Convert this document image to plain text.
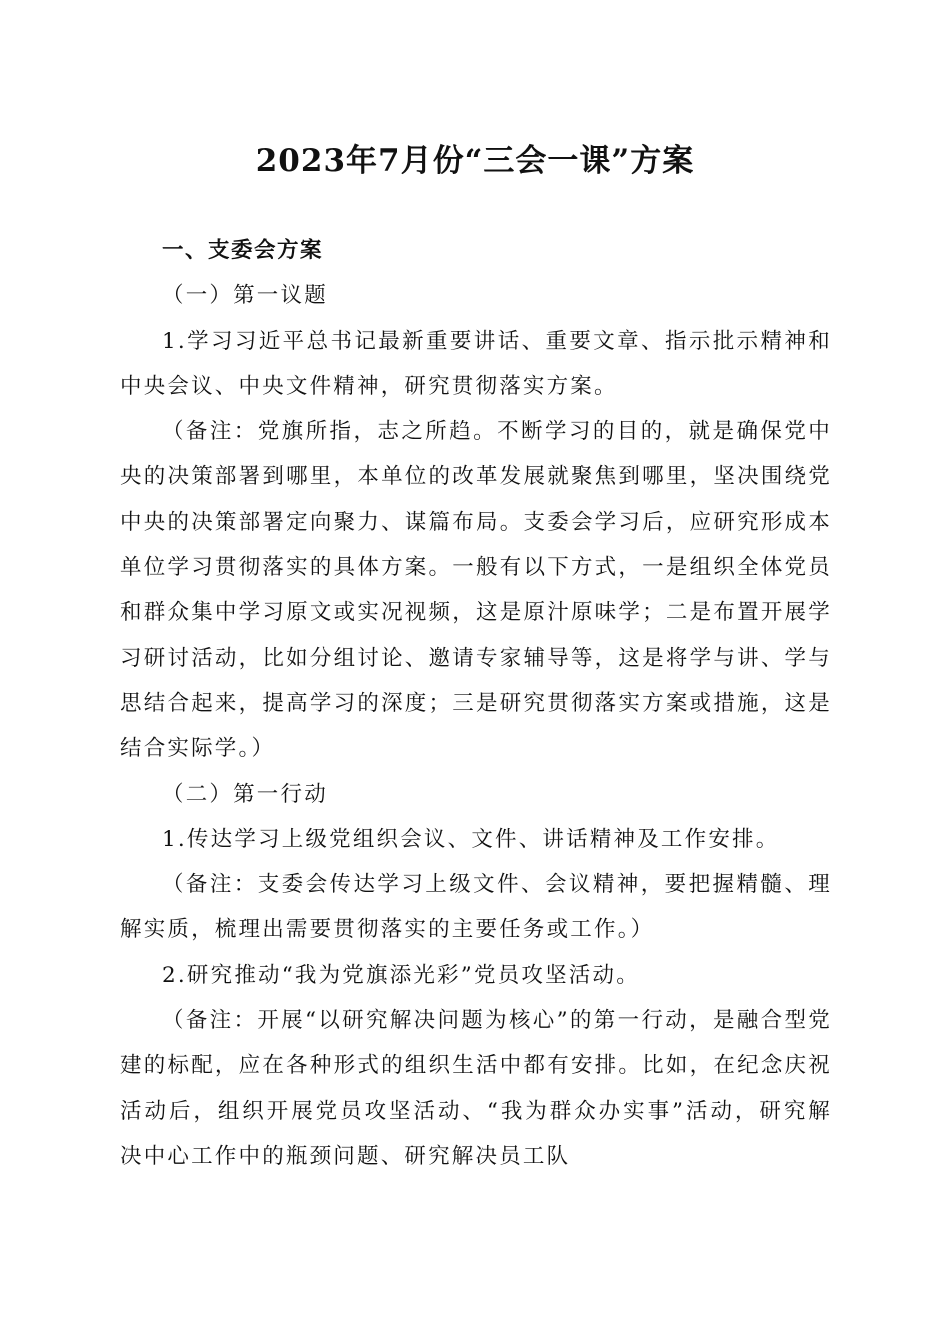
2023年7月份“三会一课”方案

一、支委会方案

（一）第一议题

1.学习习近平总书记最新重要讲话、重要文章、指示批示精神和中央会议、中央文件精神，研究贯彻落实方案。

（备注：党旗所指，志之所趋。不断学习的目的，就是确保党中央的决策部署到哪里，本单位的改革发展就聚焦到哪里，坚决围绕党中央的决策部署定向聚力、谋篇布局。支委会学习后，应研究形成本单位学习贯彻落实的具体方案。一般有以下方式，一是组织全体党员和群众集中学习原文或实况视频，这是原汁原味学；二是布置开展学习研讨活动，比如分组讨论、邀请专家辅导等，这是将学与讲、学与思结合起来，提高学习的深度；三是研究贯彻落实方案或措施，这是结合实际学。）

（二）第一行动

1.传达学习上级党组织会议、文件、讲话精神及工作安排。

（备注：支委会传达学习上级文件、会议精神，要把握精髓、理解实质，梳理出需要贯彻落实的主要任务或工作。）

2.研究推动“我为党旗添光彩”党员攻坚活动。

（备注：开展“以研究解决问题为核心”的第一行动，是融合型党建的标配，应在各种形式的组织生活中都有安排。比如，在纪念庆祝活动后，组织开展党员攻坚活动、“我为群众办实事”活动，研究解决中心工作中的瓶颈问题、研究解决员工队
